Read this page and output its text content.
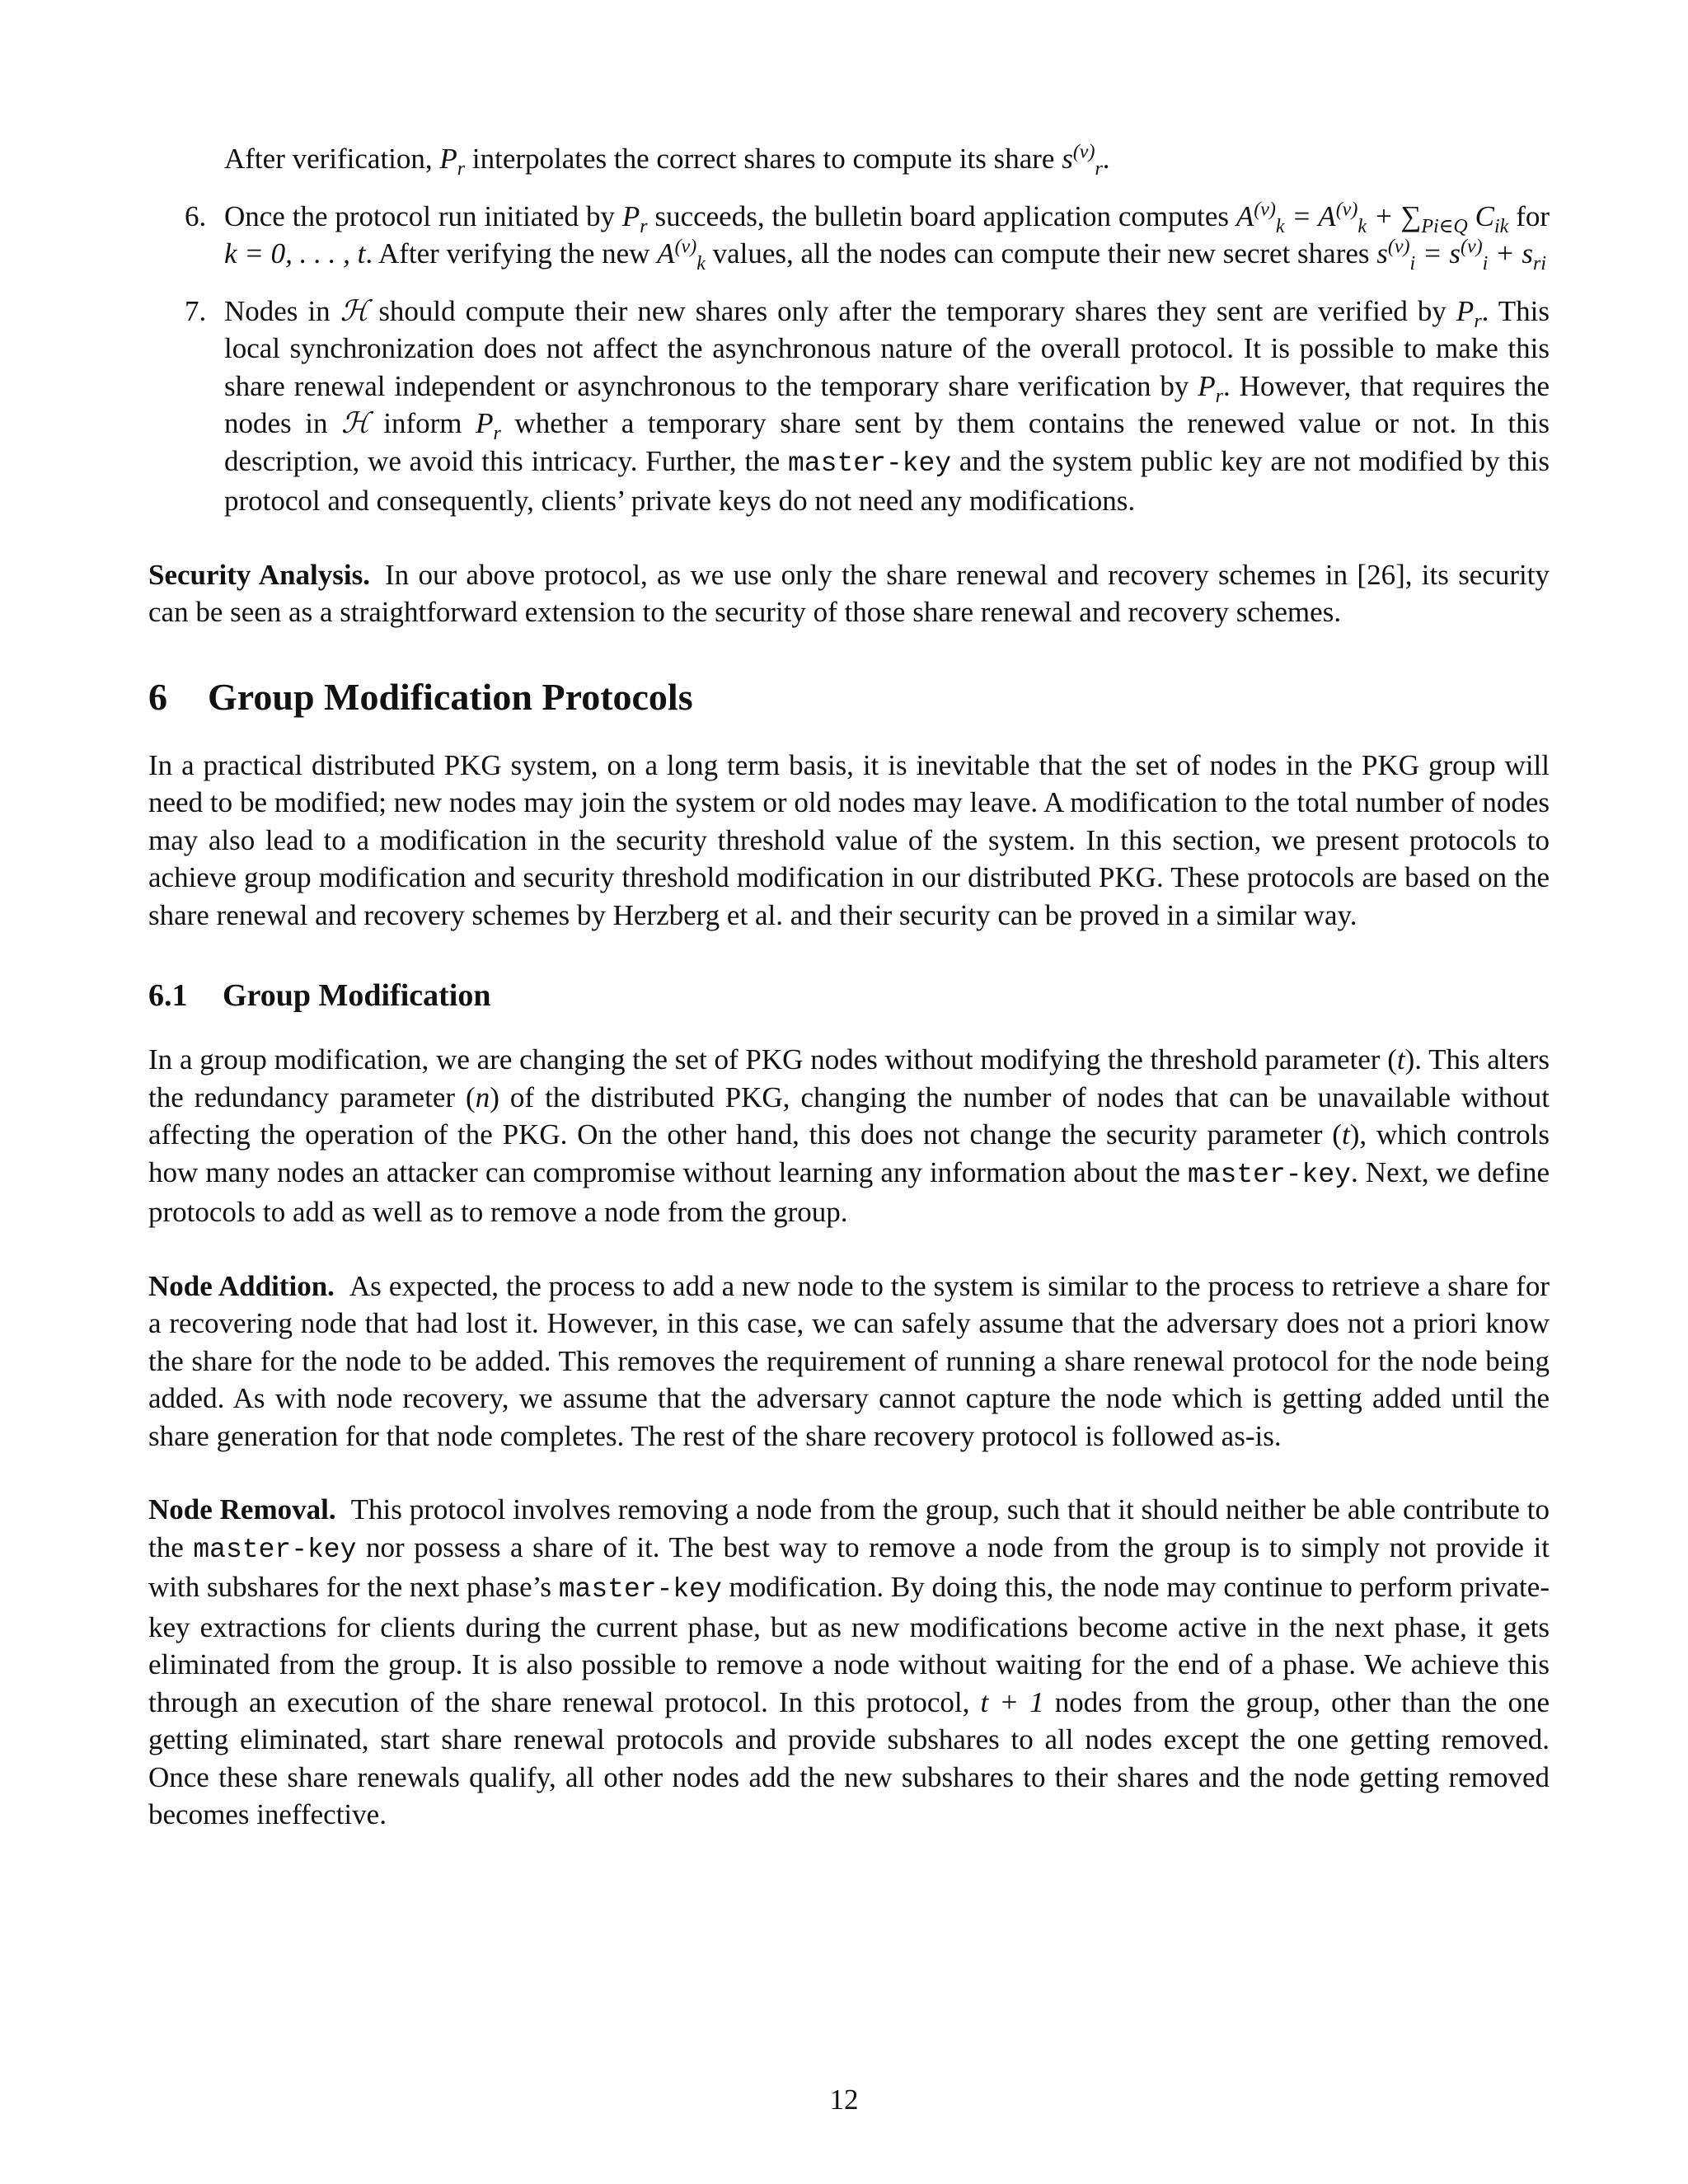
After verification, $P_r$ interpolates the correct shares to compute its share $s^{(v)}_r$.

6. Once the protocol run initiated by $P_r$ succeeds, the bulletin board application computes $A^{(v)}_k = A^{(v)}_k + \sum_{Pi\in Q}$ $C_{ik}$ for k = 0, . . . , t. After verifying the new $A^{(v)}_k$ values, all the nodes can compute their new secret shares $s^{(v)}_i = s^{(v)}_i + s_{ri}$

7. Nodes in ℋ should compute their new shares only after the temporary shares they sent are verified by $P_r$. This local synchronization does not affect the asynchronous nature of the overall protocol. It is possible to make this share renewal independent or asynchronous to the temporary share verification by $P_r$. However, that requires the nodes in ℋ inform $P_r$ whether a temporary share sent by them contains the renewed value or not. In this description, we avoid this intricacy. Further, the master-key and the system public key are not modified by this protocol and consequently, clients’ private keys do not need any modifications.

Security Analysis. In our above protocol, as we use only the share renewal and recovery schemes in [26], its security can be seen as a straightforward extension to the security of those share renewal and recovery schemes.

6 Group Modification Protocols

In a practical distributed PKG system, on a long term basis, it is inevitable that the set of nodes in the PKG group will need to be modified; new nodes may join the system or old nodes may leave. A modification to the total number of nodes may also lead to a modification in the security threshold value of the system. In this section, we present protocols to achieve group modification and security threshold modification in our distributed PKG. These protocols are based on the share renewal and recovery schemes by Herzberg et al. and their security can be proved in a similar way.

6.1 Group Modification

In a group modification, we are changing the set of PKG nodes without modifying the threshold parameter (t). This alters the redundancy parameter (n) of the distributed PKG, changing the number of nodes that can be unavailable without affecting the operation of the PKG. On the other hand, this does not change the security parameter (t), which controls how many nodes an attacker can compromise without learning any information about the master-key. Next, we define protocols to add as well as to remove a node from the group.

Node Addition. As expected, the process to add a new node to the system is similar to the process to retrieve a share for a recovering node that had lost it. However, in this case, we can safely assume that the adversary does not a priori know the share for the node to be added. This removes the requirement of running a share renewal protocol for the node being added. As with node recovery, we assume that the adversary cannot capture the node which is getting added until the share generation for that node completes. The rest of the share recovery protocol is followed as-is.

Node Removal. This protocol involves removing a node from the group, such that it should neither be able contribute to the master-key nor possess a share of it. The best way to remove a node from the group is to simply not provide it with subshares for the next phase’s master-key modification. By doing this, the node may continue to perform private-key extractions for clients during the current phase, but as new modifications become active in the next phase, it gets eliminated from the group. It is also possible to remove a node without waiting for the end of a phase. We achieve this through an execution of the share renewal protocol. In this protocol, t + 1 nodes from the group, other than the one getting eliminated, start share renewal protocols and provide subshares to all nodes except the one getting removed. Once these share renewals qualify, all other nodes add the new subshares to their shares and the node getting removed becomes ineffective.

12
